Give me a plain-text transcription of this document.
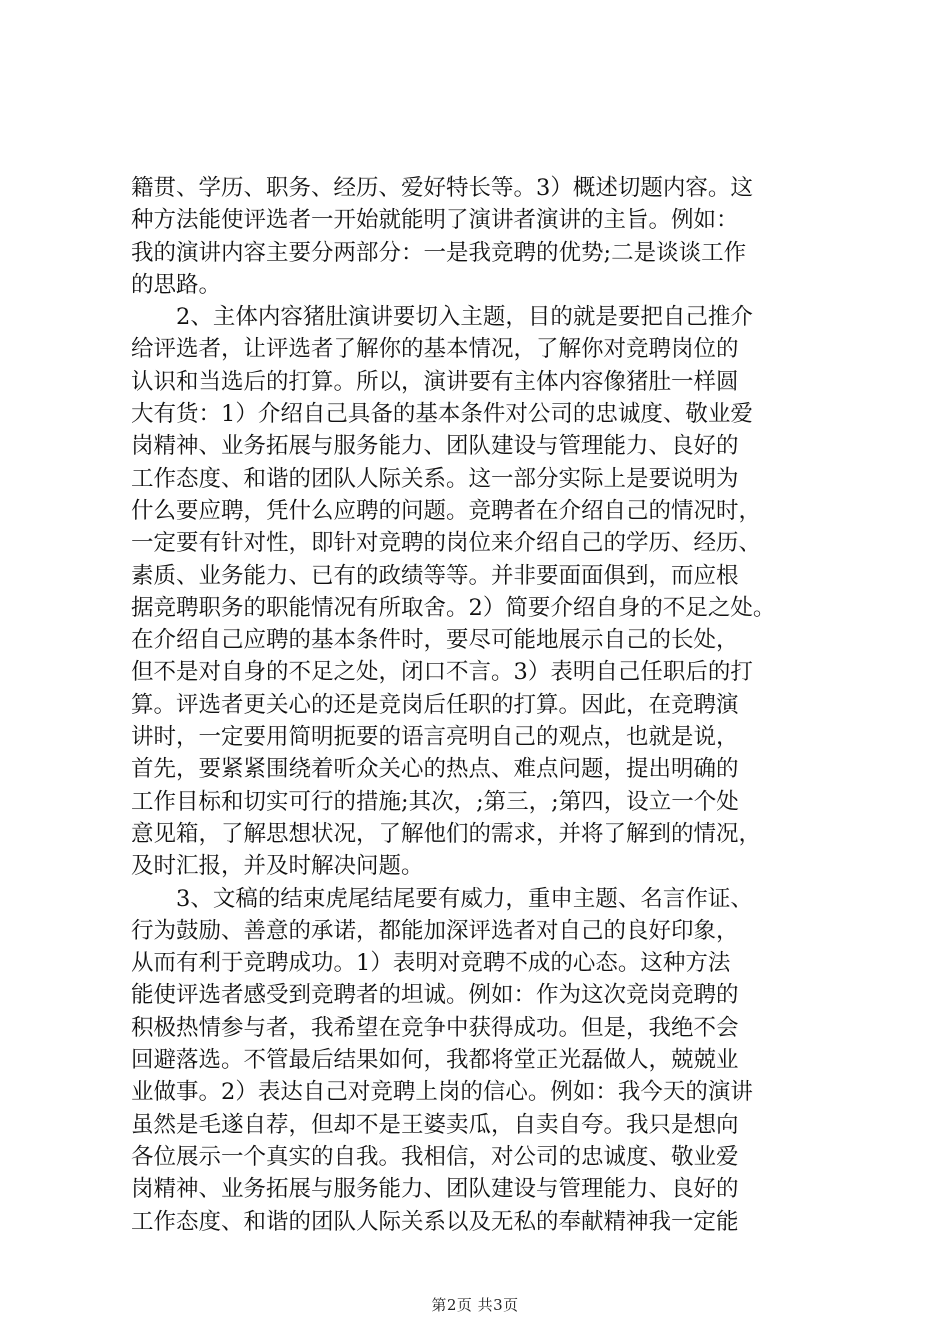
籍贯、学历、职务、经历、爱好特长等。3）概述切题内容。这
种方法能使评选者一开始就能明了演讲者演讲的主旨。例如：
我的演讲内容主要分两部分：一是我竞聘的优势;二是谈谈工作
的思路。
　　2、主体内容猪肚演讲要切入主题，目的就是要把自己推介
给评选者，让评选者了解你的基本情况，了解你对竞聘岗位的
认识和当选后的打算。所以，演讲要有主体内容像猪肚一样圆
大有货：1）介绍自己具备的基本条件对公司的忠诚度、敬业爱
岗精神、业务拓展与服务能力、团队建设与管理能力、良好的
工作态度、和谐的团队人际关系。这一部分实际上是要说明为
什么要应聘，凭什么应聘的问题。竞聘者在介绍自己的情况时，
一定要有针对性，即针对竞聘的岗位来介绍自己的学历、经历、
素质、业务能力、已有的政绩等等。并非要面面俱到，而应根
据竞聘职务的职能情况有所取舍。2）简要介绍自身的不足之处。
在介绍自己应聘的基本条件时，要尽可能地展示自己的长处，
但不是对自身的不足之处，闭口不言。3）表明自己任职后的打
算。评选者更关心的还是竞岗后任职的打算。因此，在竞聘演
讲时，一定要用简明扼要的语言亮明自己的观点，也就是说，
首先，要紧紧围绕着听众关心的热点、难点问题，提出明确的
工作目标和切实可行的措施;其次，;第三，;第四，设立一个处
意见箱，了解思想状况，了解他们的需求，并将了解到的情况，
及时汇报，并及时解决问题。
　　3、文稿的结束虎尾结尾要有威力，重申主题、名言作证、
行为鼓励、善意的承诺，都能加深评选者对自己的良好印象，
从而有利于竞聘成功。1）表明对竞聘不成的心态。这种方法
能使评选者感受到竞聘者的坦诚。例如：作为这次竞岗竞聘的
积极热情参与者，我希望在竞争中获得成功。但是，我绝不会
回避落选。不管最后结果如何，我都将堂正光磊做人，兢兢业
业做事。2）表达自己对竞聘上岗的信心。例如：我今天的演讲
虽然是毛遂自荐，但却不是王婆卖瓜，自卖自夸。我只是想向
各位展示一个真实的自我。我相信，对公司的忠诚度、敬业爱
岗精神、业务拓展与服务能力、团队建设与管理能力、良好的
工作态度、和谐的团队人际关系以及无私的奉献精神我一定能
第2页 共3页
